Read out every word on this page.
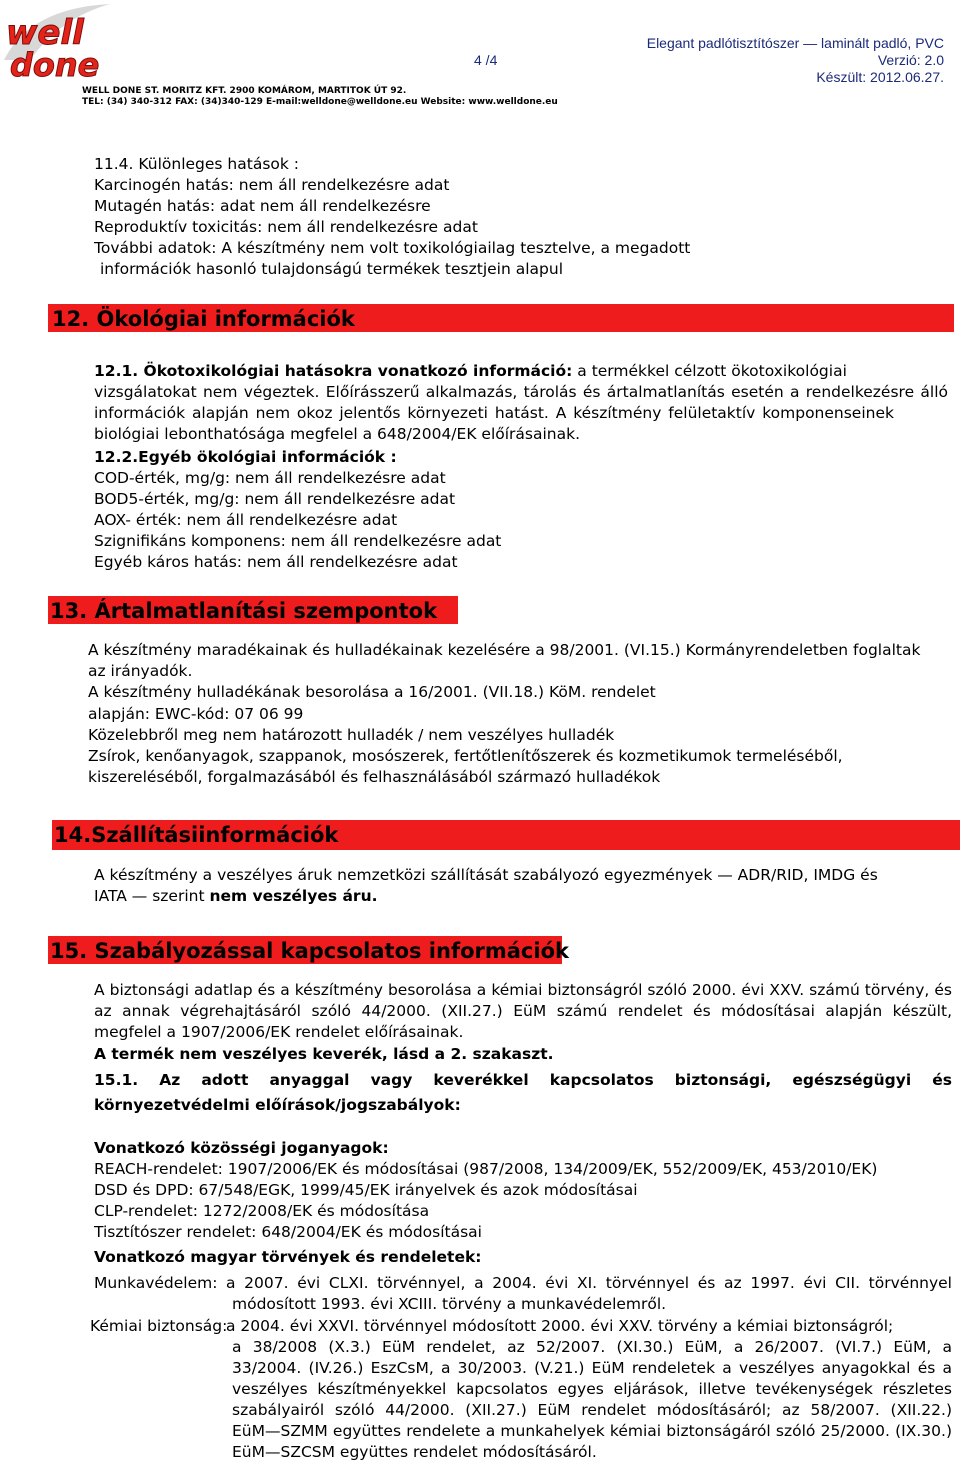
well
done
WELL DONE ST. MORITZ KFT. 2900 KOMÁROM, MARTITOK ÚT 92.
TEL: (34) 340-312 FAX: (34)340-129 E-mail:welldone@welldone.eu Website: www.welldone.eu
4 /4
Elegant padlótisztítószer — laminált padló, PVC
Verzió: 2.0
Készült: 2012.06.27.
11.4. Különleges hatások :
Karcinogén hatás: nem áll rendelkezésre adat
Mutagén hatás: adat nem áll rendelkezésre
Reproduktív toxicitás: nem áll rendelkezésre adat
További adatok: A készítmény nem volt toxikológiailag tesztelve, a megadott
információk hasonló tulajdonságú termékek tesztjein alapul
12. Ökológiai információk
12.1. Ökotoxikológiai hatásokra vonatkozó információ: a termékkel célzott ökotoxikológiai
vizsgálatokat nem végeztek. Előírásszerű alkalmazás, tárolás és ártalmatlanítás esetén a rendelkezésre álló
információk alapján nem okoz jelentős környezeti hatást. A készítmény felületaktív komponenseinek
biológiai lebonthatósága megfelel a 648/2004/EK előírásainak.
12.2.Egyéb ökológiai információk :
COD-érték, mg/g: nem áll rendelkezésre adat
BOD5-érték, mg/g: nem áll rendelkezésre adat
AOX- érték: nem áll rendelkezésre adat
Szignifikáns komponens: nem áll rendelkezésre adat
Egyéb káros hatás: nem áll rendelkezésre adat
13. Ártalmatlanítási szempontok
A készítmény maradékainak és hulladékainak kezelésére a 98/2001. (VI.15.) Kormányrendeletben foglaltak
az irányadók.
A készítmény hulladékának besorolása a 16/2001. (VII.18.) KöM. rendelet
alapján: EWC-kód: 07 06 99
Közelebbről meg nem határozott hulladék / nem veszélyes hulladék
Zsírok, kenőanyagok, szappanok, mosószerek, fertőtlenítőszerek és kozmetikumok termeléséből,
kiszereléséből, forgalmazásából és felhasználásából származó hulladékok
14.Szállításiinformációk
A készítmény a veszélyes áruk nemzetközi szállítását szabályozó egyezmények — ADR/RID, IMDG és
IATA — szerint nem veszélyes áru.
15. Szabályozással kapcsolatos információk
A biztonsági adatlap és a készítmény besorolása a kémiai biztonságról szóló 2000. évi XXV. számú törvény, és
az annak végrehajtásáról szóló 44/2000. (XII.27.) EüM számú rendelet és módosításai alapján készült,
megfelel a 1907/2006/EK rendelet előírásainak.
A termék nem veszélyes keverék, lásd a 2. szakaszt.
15.1. Az adott anyaggal vagy keverékkel kapcsolatos biztonsági, egészségügyi és
környezetvédelmi előírások/jogszabályok:
Vonatkozó közösségi joganyagok:
REACH-rendelet: 1907/2006/EK és módosításai (987/2008, 134/2009/EK, 552/2009/EK, 453/2010/EK)
DSD és DPD: 67/548/EGK, 1999/45/EK irányelvek és azok módosításai
CLP-rendelet: 1272/2008/EK és módosítása
Tisztítószer rendelet: 648/2004/EK és módosításai
Vonatkozó magyar törvények és rendeletek:
Munkavédelem: a 2007. évi CLXI. törvénnyel, a 2004. évi XI. törvénnyel és az 1997. évi CII. törvénnyel
módosított 1993. évi XCIII. törvény a munkavédelemről.
Kémiai biztonság:
a 2004. évi XXVI. törvénnyel módosított 2000. évi XXV. törvény a kémiai biztonságról;
a 38/2008 (X.3.) EüM rendelet, az 52/2007. (XI.30.) EüM, a 26/2007. (VI.7.) EüM, a
33/2004. (IV.26.) EszCsM, a 30/2003. (V.21.) EüM rendeletek a veszélyes anyagokkal és a
veszélyes készítményekkel kapcsolatos egyes eljárások, illetve tevékenységek részletes
szabályairól szóló 44/2000. (XII.27.) EüM rendelet módosításáról; az 58/2007. (XII.22.)
EüM—SZMM együttes rendelete a munkahelyek kémiai biztonságáról szóló 25/2000. (IX.30.)
EüM—SZCSM együttes rendelet módosításáról.
